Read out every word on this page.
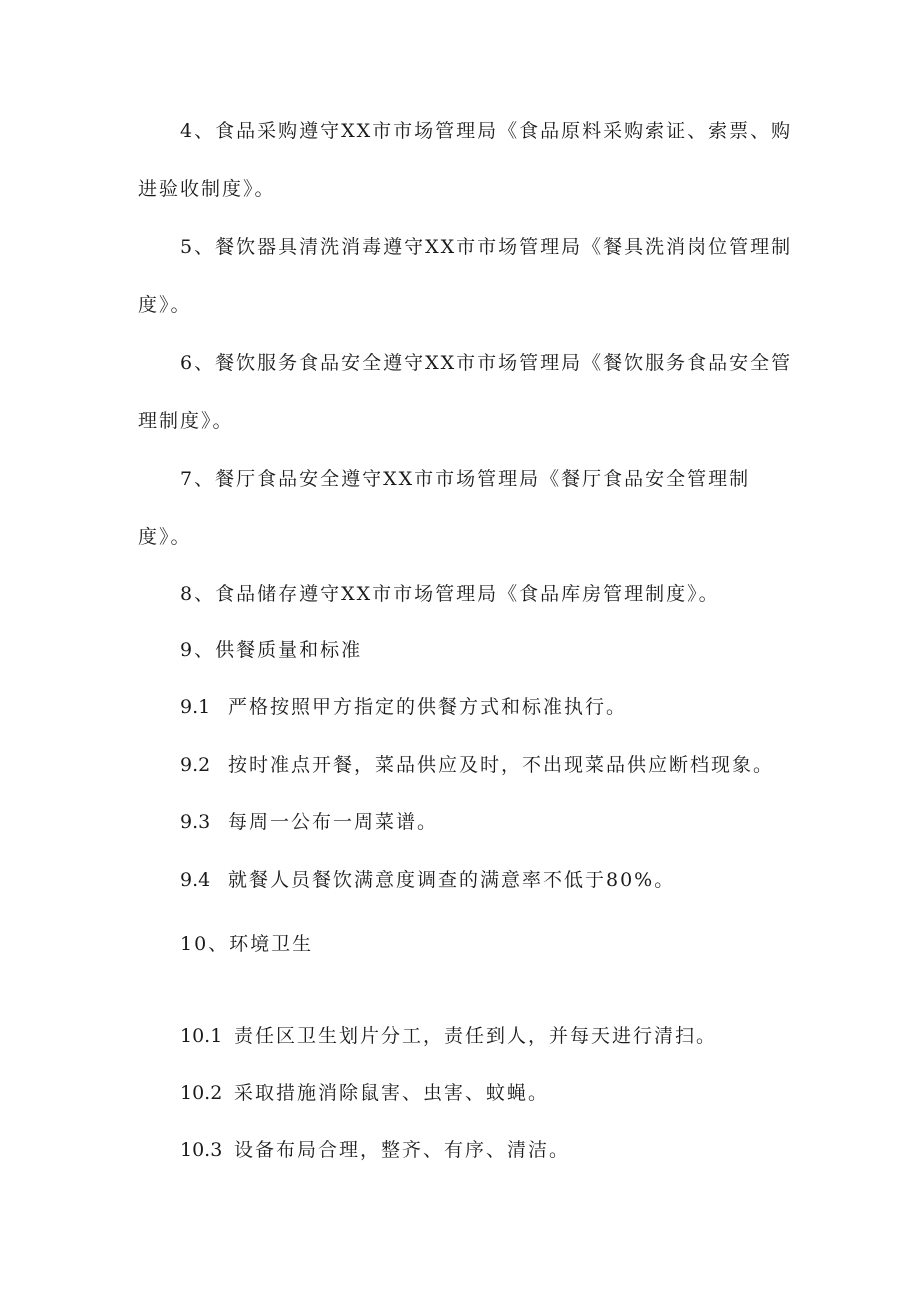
4、食品采购遵守XX市市场管理局《食品原料采购索证、索票、购
进验收制度》。
5、餐饮器具清洗消毒遵守XX市市场管理局《餐具洗消岗位管理制
度》。
6、餐饮服务食品安全遵守XX市市场管理局《餐饮服务食品安全管
理制度》。
7、餐厅食品安全遵守XX市市场管理局《餐厅食品安全管理制
度》。
8、食品储存遵守XX市市场管理局《食品库房管理制度》。
9、供餐质量和标准
9.1 严格按照甲方指定的供餐方式和标准执行。
9.2 按时准点开餐，菜品供应及时，不出现菜品供应断档现象。
9.3 每周一公布一周菜谱。
9.4 就餐人员餐饮满意度调查的满意率不低于80%。
10、环境卫生
10.1 责任区卫生划片分工，责任到人，并每天进行清扫。
10.2 采取措施消除鼠害、虫害、蚊蝇。
10.3 设备布局合理，整齐、有序、清洁。
